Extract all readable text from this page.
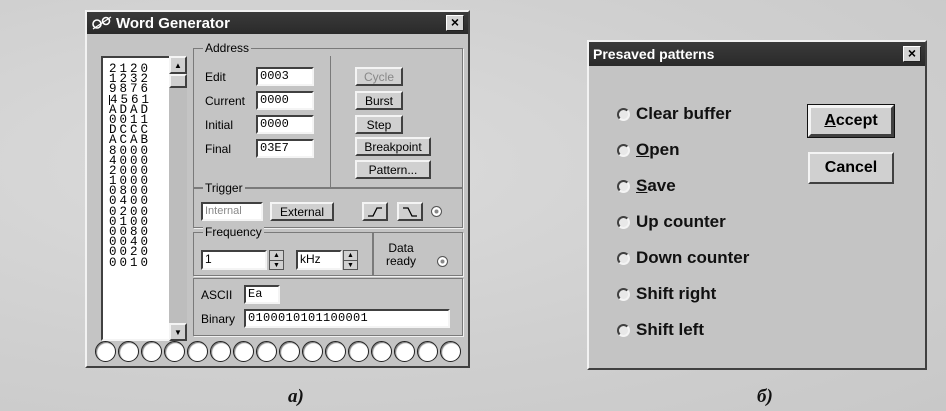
Word Generator	×
2120
1232
9876
4561
ADAD
0011
DCCC
ACAB
8000
4000
2000
1000
0800
0400
0200
0100
0080
0040
0020
0010
▲
▼
Address
Edit	0003
Current	0000
Initial	0000
Final	03E7
Cycle
Burst
Step
Breakpoint
Pattern...
Trigger
Internal	External
Frequency
1	▲
▼	kHz	▲
▼
Data
ready
ASCII	Ea
Binary	0100010101100001
а)
Presaved patterns	×
Clear buffer
Open
Save
Up counter
Down counter
Shift right
Shift left
A ccept
Cancel
б)
